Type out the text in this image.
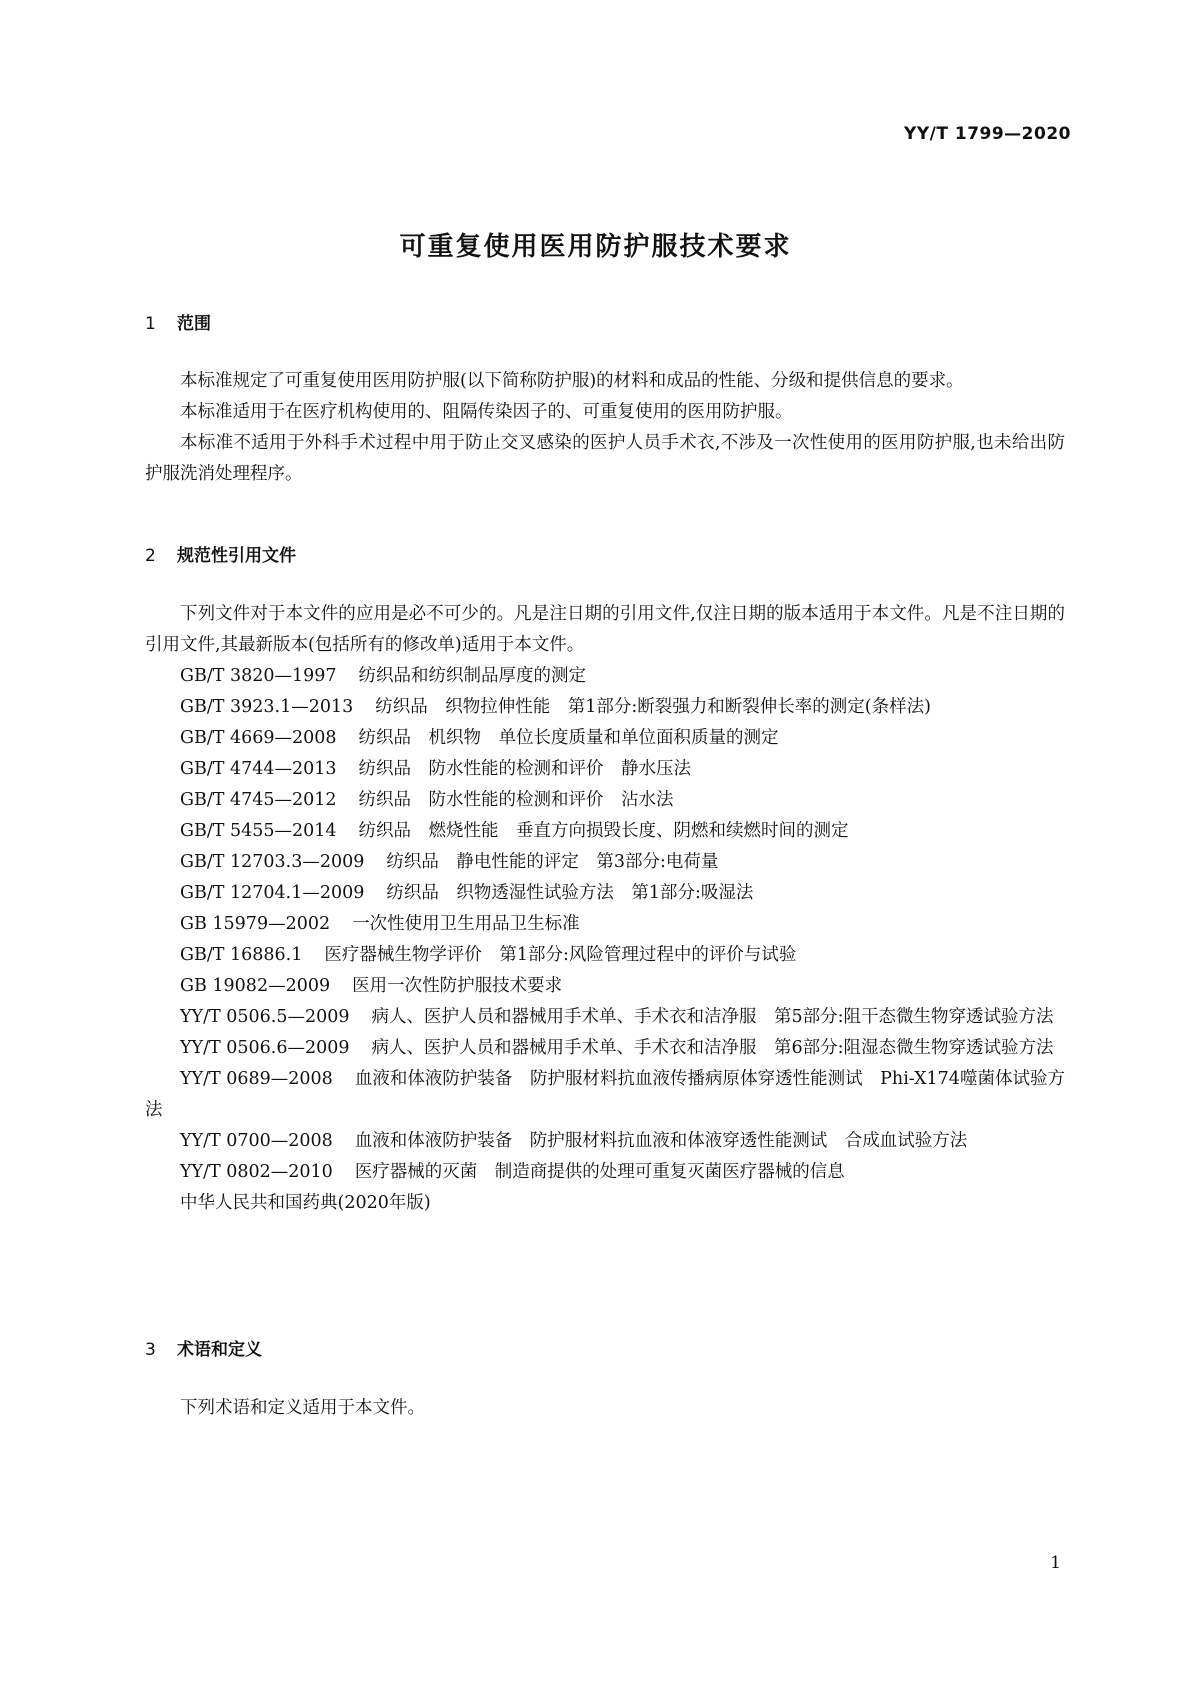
YY/T 1799—2020
可重复使用医用防护服技术要求
1 范围

本标准规定了可重复使用医用防护服(以下简称防护服)的材料和成品的性能、分级和提供信息的要求。

本标准适用于在医疗机构使用的、阻隔传染因子的、可重复使用的医用防护服。

本标准不适用于外科手术过程中用于防止交叉感染的医护人员手术衣,不涉及一次性使用的医用防护服,也未给出防护服洗消处理程序。

2 规范性引用文件

下列文件对于本文件的应用是必不可少的。凡是注日期的引用文件,仅注日期的版本适用于本文件。凡是不注日期的引用文件,其最新版本(包括所有的修改单)适用于本文件。

GB/T 3820—1997 纺织品和纺织制品厚度的测定

GB/T 3923.1—2013 纺织品　织物拉伸性能　第1部分:断裂强力和断裂伸长率的测定(条样法)

GB/T 4669—2008 纺织品　机织物　单位长度质量和单位面积质量的测定

GB/T 4744—2013 纺织品　防水性能的检测和评价　静水压法

GB/T 4745—2012 纺织品　防水性能的检测和评价　沾水法

GB/T 5455—2014 纺织品　燃烧性能　垂直方向损毁长度、阴燃和续燃时间的测定

GB/T 12703.3—2009 纺织品　静电性能的评定　第3部分:电荷量

GB/T 12704.1—2009 纺织品　织物透湿性试验方法　第1部分:吸湿法

GB 15979—2002 一次性使用卫生用品卫生标准

GB/T 16886.1 医疗器械生物学评价　第1部分:风险管理过程中的评价与试验

GB 19082—2009 医用一次性防护服技术要求

YY/T 0506.5—2009 病人、医护人员和器械用手术单、手术衣和洁净服　第5部分:阻干态微生物穿透试验方法

YY/T 0506.6—2009 病人、医护人员和器械用手术单、手术衣和洁净服　第6部分:阻湿态微生物穿透试验方法

YY/T 0689—2008 血液和体液防护装备　防护服材料抗血液传播病原体穿透性能测试　Phi-X174噬菌体试验方法

YY/T 0700—2008 血液和体液防护装备　防护服材料抗血液和体液穿透性能测试　合成血试验方法

YY/T 0802—2010 医疗器械的灭菌　制造商提供的处理可重复灭菌医疗器械的信息

中华人民共和国药典(2020年版)

3 术语和定义

下列术语和定义适用于本文件。

1
